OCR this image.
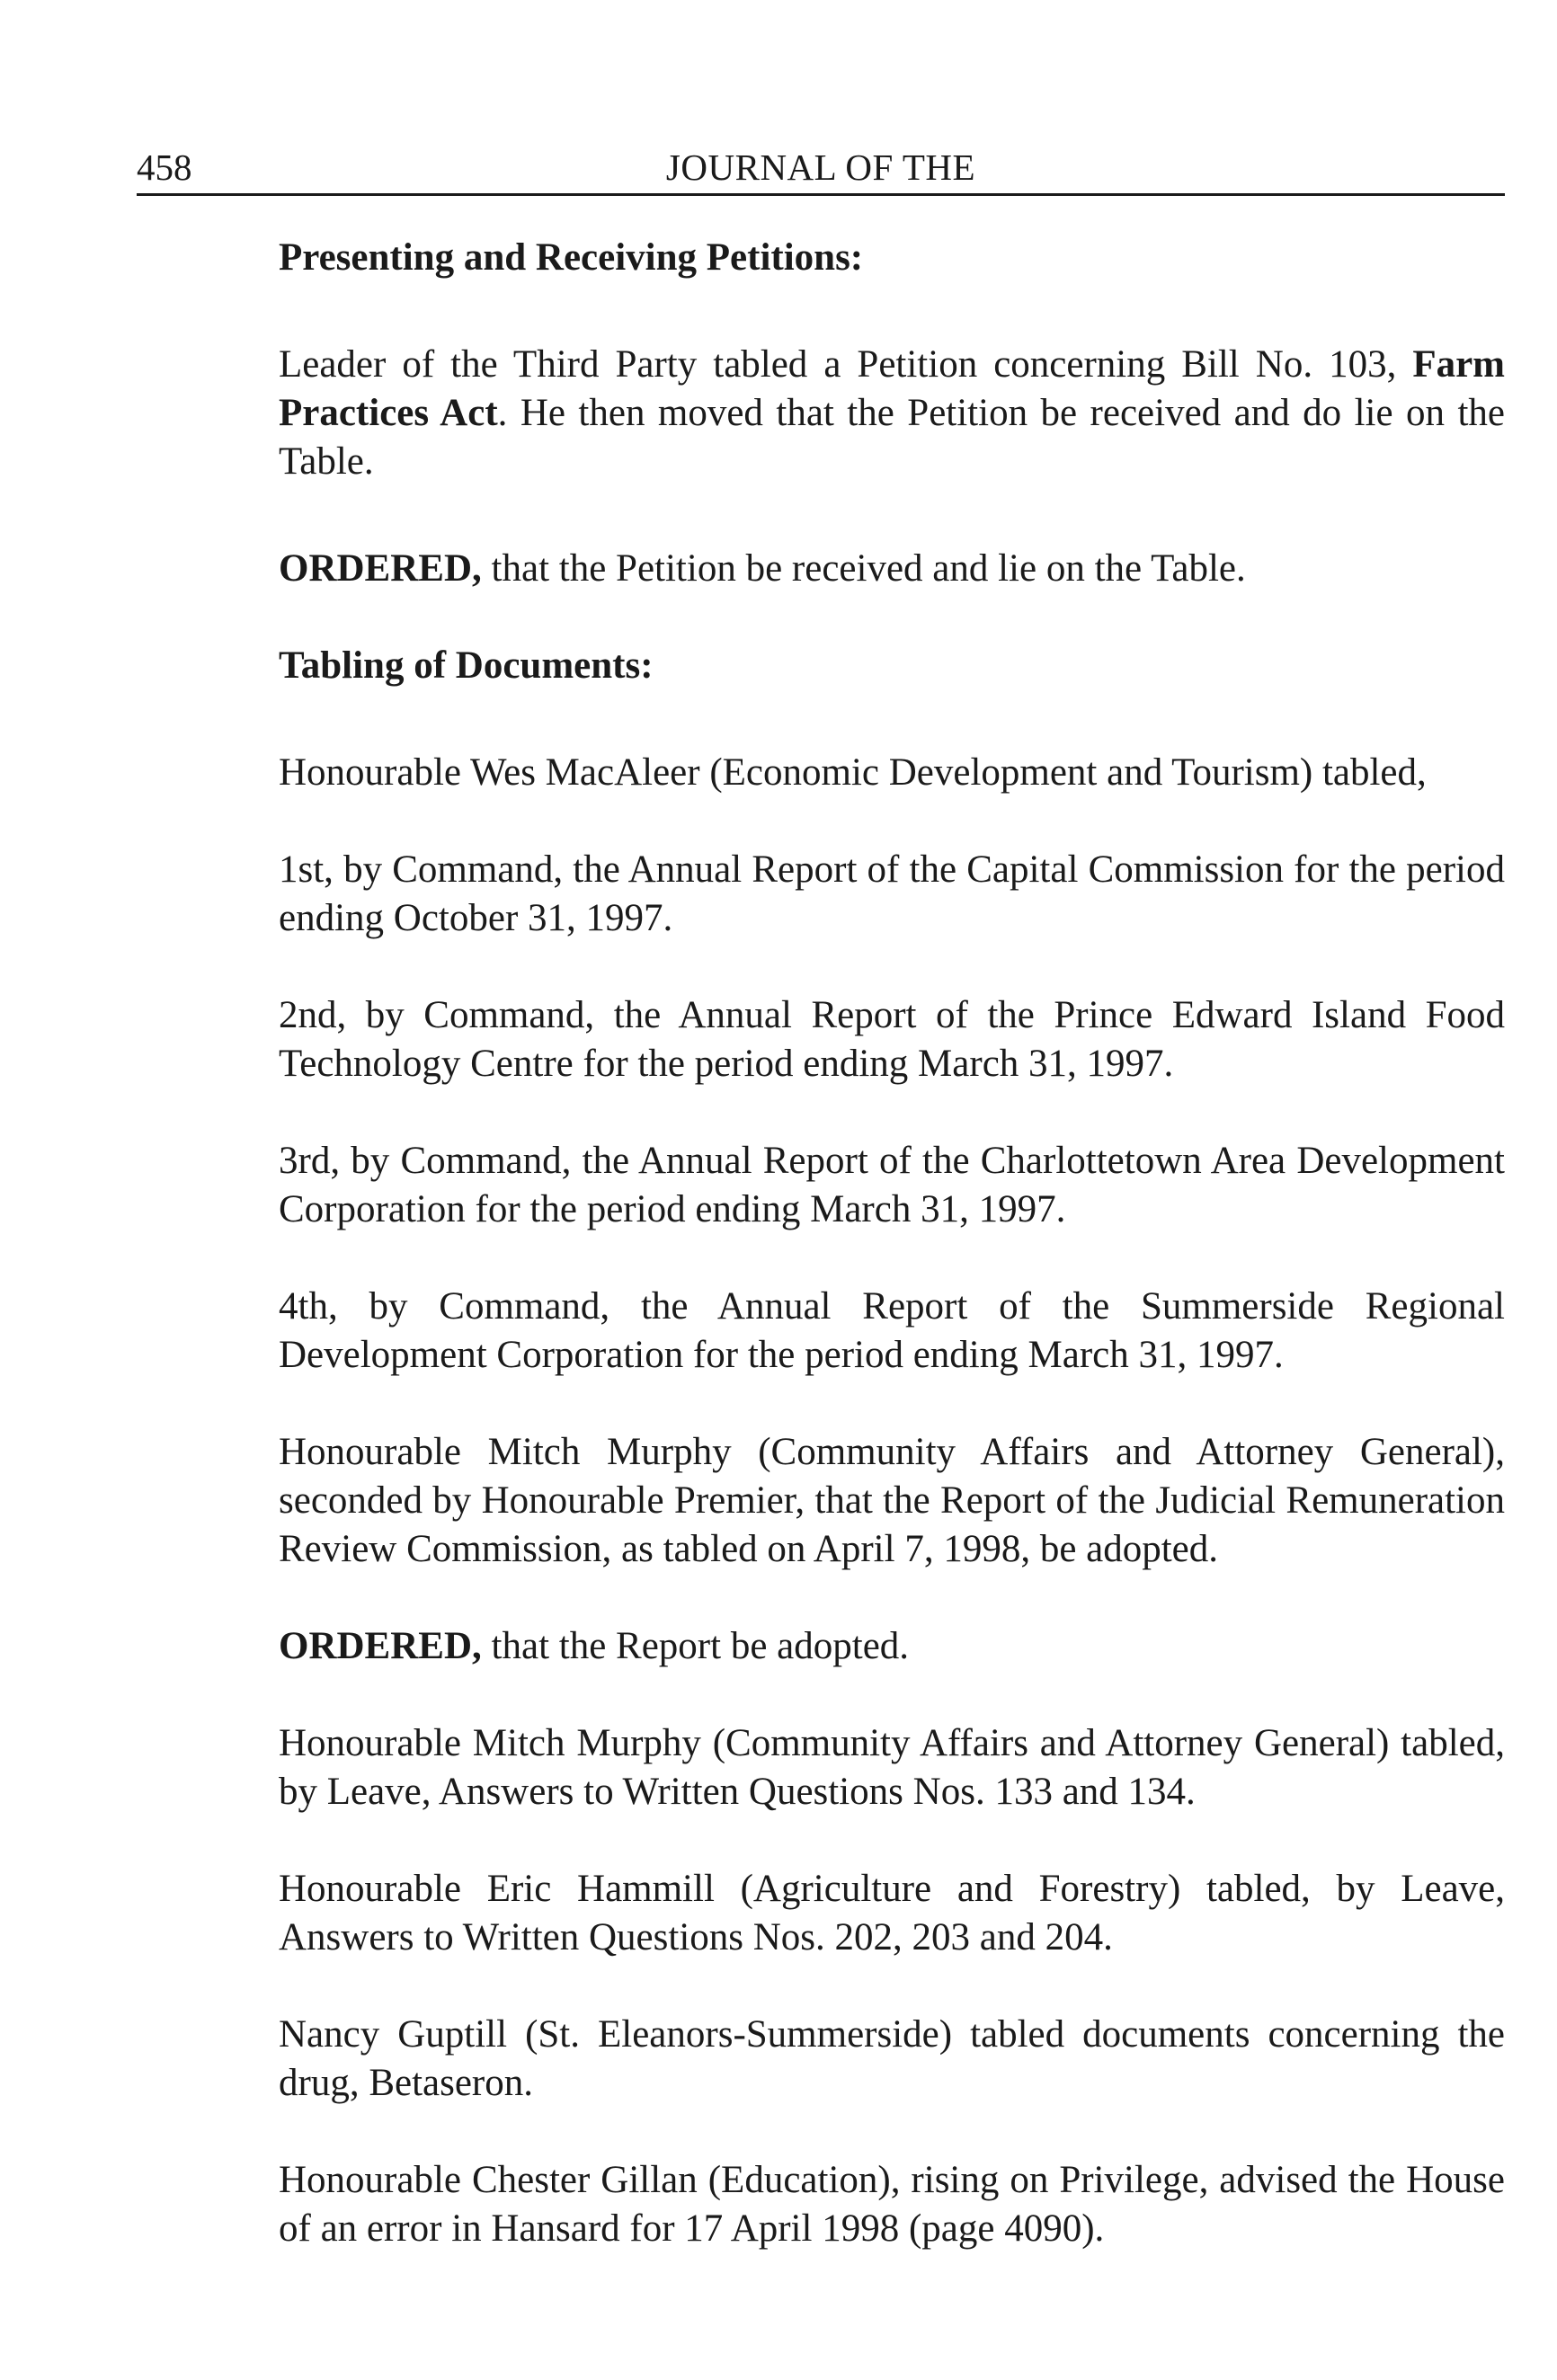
458	JOURNAL OF THE

Presenting and Receiving Petitions:

Leader of the Third Party tabled a Petition concerning Bill No. 103, Farm Practices Act. He then moved that the Petition be received and do lie on the Table.

ORDERED, that the Petition be received and lie on the Table.

Tabling of Documents:

Honourable Wes MacAleer (Economic Development and Tourism) tabled,

1st, by Command, the Annual Report of the Capital Commission for the period ending October 31, 1997.

2nd, by Command, the Annual Report of the Prince Edward Island Food Technology Centre for the period ending March 31, 1997.

3rd, by Command, the Annual Report of the Charlottetown Area Development Corporation for the period ending March 31, 1997.

4th, by Command, the Annual Report of the Summerside Regional Development Corporation for the period ending March 31, 1997.

Honourable Mitch Murphy (Community Affairs and Attorney General), seconded by Honourable Premier, that the Report of the Judicial Remuneration Review Commission, as tabled on April 7, 1998, be adopted.

ORDERED, that the Report be adopted.

Honourable Mitch Murphy (Community Affairs and Attorney General) tabled, by Leave, Answers to Written Questions Nos. 133 and 134.

Honourable Eric Hammill (Agriculture and Forestry) tabled, by Leave, Answers to Written Questions Nos. 202, 203 and 204.

Nancy Guptill (St. Eleanors-Summerside) tabled documents concerning the drug, Betaseron.

Honourable Chester Gillan (Education), rising on Privilege, advised the House of an error in Hansard for 17 April 1998 (page 4090).
